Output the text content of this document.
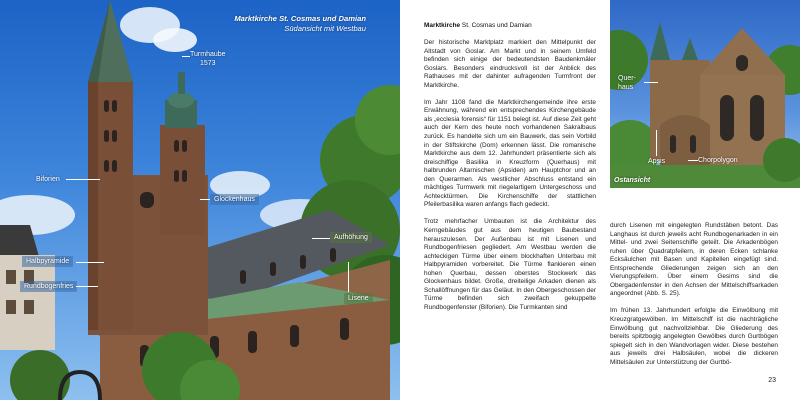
Marktkirche St. Cosmas und Damian
Südansicht mit Westbau
Turmhaube
1573
Biforien
Glockenhaus
Aufhöhung
Halbpyramide
Rundbogenfries
Lisene

Marktkirche St. Cosmas und Damian

Der historische Marktplatz markiert den Mittelpunkt der Altstadt von Goslar. Am Markt und in seinem Umfeld befinden sich einige der bedeutendsten Baudenkmäler Goslars. Besonders eindrucksvoll ist der Anblick des Rathauses mit der dahinter aufragenden Turmfront der Marktkirche.

Im Jahr 1108 fand die Marktkirchengemeinde ihre erste Erwähnung, während ein entsprechendes Kirchengebäude als „ecclesia forensis“ für 1151 belegt ist. Auf diese Zeit geht auch der Kern des heute noch vorhandenen Sakralbaus zurück. Es handelte sich um ein Bauwerk, das sein Vorbild in der Stiftskirche (Dom) erkennen lässt. Die romanische Marktkirche aus dem 12. Jahrhundert präsentierte sich als dreischiffige Basilika in Kreuzform (Querhaus) mit halbrunden Altarnischen (Apsiden) am Hauptchor und an den Querarmen. Als westlicher Abschluss entstand ein mächtiges Turmwerk mit riegelartigem Untergeschoss und Achtecktürmen. Die Kirchenschiffe der stattlichen Pfeilerbasilika waren anfangs flach gedeckt.

Trotz mehrfacher Umbauten ist die Architektur des Kerngebäudes gut aus dem heutigen Baubestand herauszulesen. Der Außenbau ist mit Lisenen und Rundbogenfriesen gegliedert. Am Westbau werden die achteckigen Türme über einem blockhaften Unterbau mit Halbpyramiden vorbereitet. Die Türme flankieren einen hohen Querbau, dessen oberstes Stockwerk das Glockenhaus bildet. Große, dreiteilige Arkaden dienen als Schallöffnungen für das Geläut. In den Obergeschossen der Türme befinden sich zweifach gekuppelte Rundbogenfenster (Biforien). Die Turmkanten sind

Quer-
haus
Apsis	Chorpolygon
Ostansicht

durch Lisenen mit eingelegten Rundstäben betont. Das Langhaus ist durch jeweils acht Rundbogenarkaden in ein Mittel- und zwei Seitenschiffe geteilt. Die Arkadenbögen ruhen über Quadratpfeilern, in deren Ecken schlanke Ecksäulchen mit Basen und Kapitellen eingefügt sind. Entsprechende Gliederungen zeigen sich an den Vierungspfeilern. Über einem Gesims sind die Obergadenfenster in den Achsen der Mittelschiffsarkaden angeordnet (Abb. S. 25).

Im frühen 13. Jahrhundert erfolgte die Einwölbung mit Kreuzgratgewölben. Im Mittelschiff ist die nachträgliche Einwölbung gut nachvollziehbar. Die Gliederung des bereits spitzbogig angelegten Gewölbes durch Gurtbögen spiegelt sich in den Wandvorlagen wider. Diese bestehen aus jeweils drei Halbsäulen, wobei die dickeren Mittelsäulen zur Unterstützung der Gurtbö-

23
